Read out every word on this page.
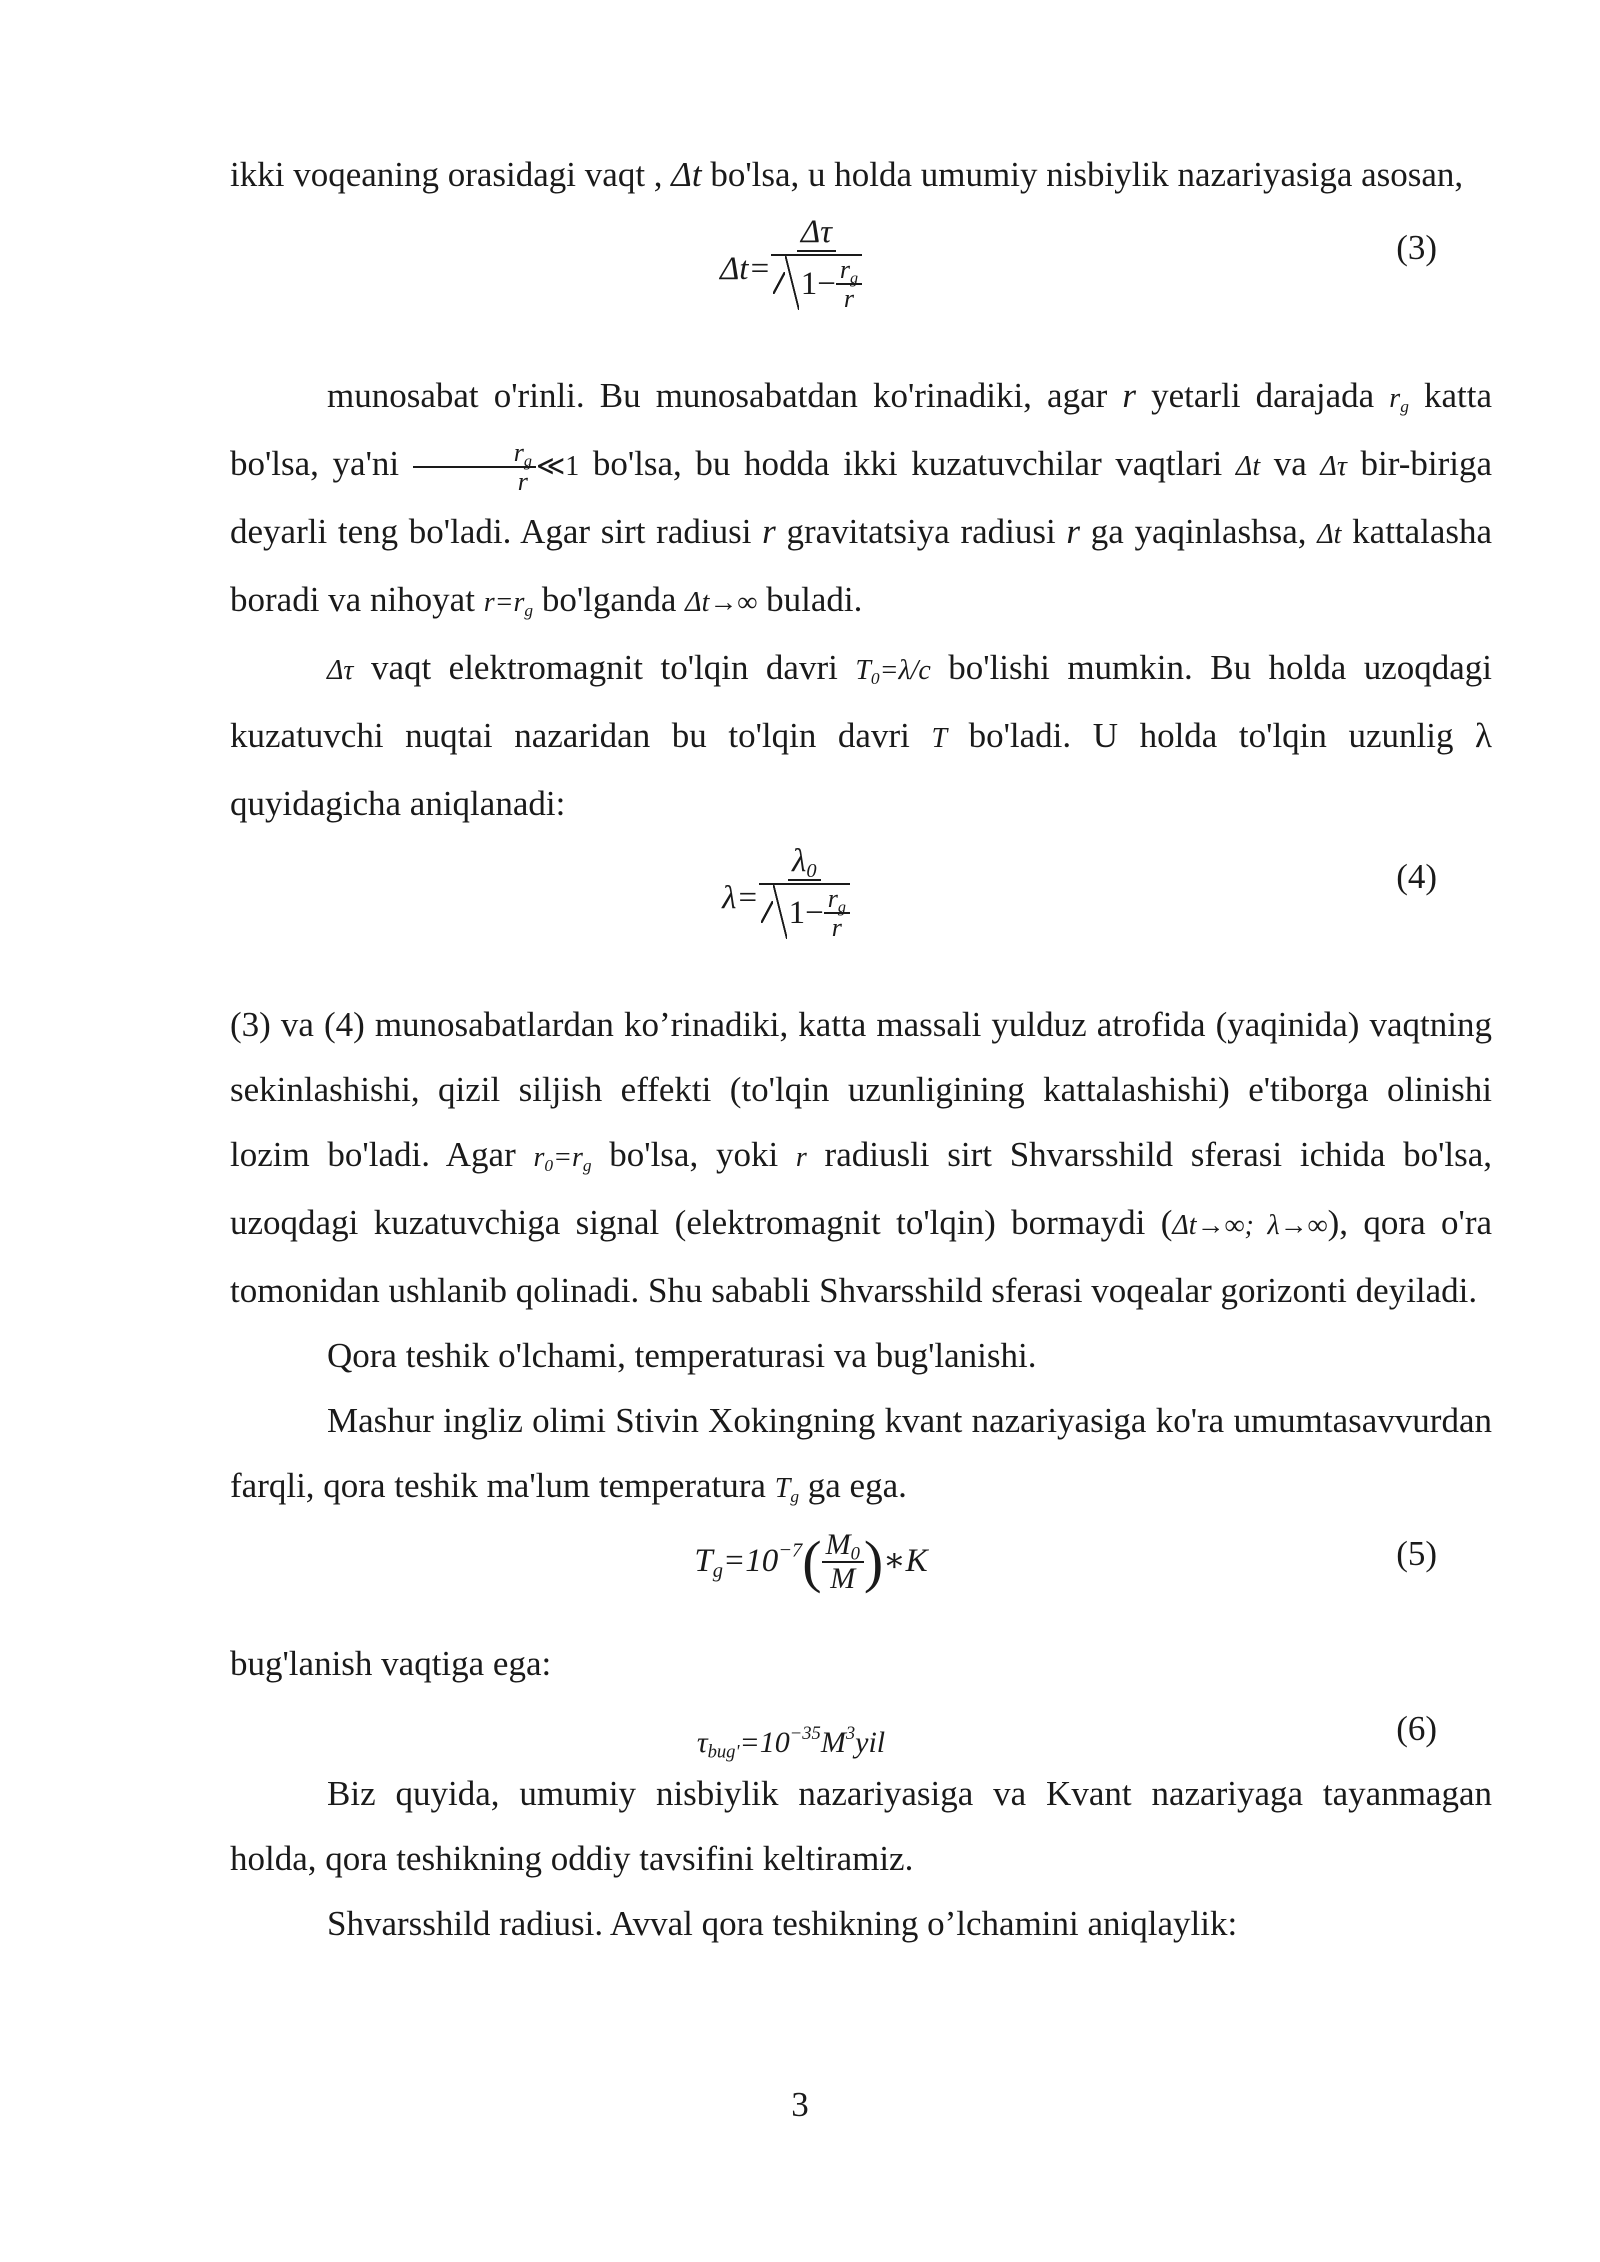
ikki voqeaning orasidagi vaqt , Δt bo'lsa, u holda umumiy nisbiylik nazariyasiga asosan,

$\Delta t= \frac{\Delta\tau}{1- \frac{r_g}{r}}$	(3)

munosabat o'rinli. Bu munosabatdan ko'rinadiki, agar r yetarli darajada $r_g$ katta bo'lsa, $ya'ni \frac{r_g}{r}$ ≪1 bo'lsa, bu hodda ikki kuzatuvchilar vaqtlari Δt va Δτ bir-biriga deyarli teng bo'ladi. Agar sirt radiusi r gravitatsiya radiusi r ga yaqinlashsa, Δt kattalasha boradi va nihoyat $r=r_g$ bo'lganda Δt→∞ buladi.

Δτ vaqt elektromagnit to'lqin davri $T_0=\lambda/c$ bo'lishi mumkin. Bu holda uzoqdagi kuzatuvchi nuqtai nazaridan bu to'lqin davri T bo'ladi. U holda to'lqin uzunlig λ quyidagicha aniqlanadi:

$\lambda= \frac{\lambda_0}{1- \frac{r_g}{r}}$	(4)

(3) va (4) munosabatlardan ko’rinadiki, katta massali yulduz atrofida (yaqinida) vaqtning sekinlashishi, qizil siljish effekti (to'lqin uzunligining kattalashishi) e'tiborga olinishi lozim bo'ladi. Agar $r_0=r_g$ bo'lsa, yoki r radiusli sirt Shvarsshild sferasi ichida bo'lsa, uzoqdagi kuzatuvchiga signal (elektromagnit to'lqin) bormaydi (Δt→∞; λ→∞), qora o'ra tomonidan ushlanib qolinadi. Shu sababli Shvarsshild sferasi voqealar gorizonti deyiladi.

Qora teshik o'lchami, temperaturasi va bug'lanishi.

Mashur ingliz olimi Stivin Xokingning kvant nazariyasiga ko'ra umumtasavvurdan farqli, qora teshik ma'lum temperatura $T_g$ ga ega.

$T_g=10^{-7}$ ( $\frac{M_0}{M}$ ) ∗K	(5)

bug'lanish vaqtiga ega:

$\tau_{bug'}=10^{-35}M^3yil$	(6)

Biz quyida, umumiy nisbiylik nazariyasiga va Kvant nazariyaga tayanmagan holda, qora teshikning oddiy tavsifini keltiramiz.

Shvarsshild radiusi. Avval qora teshikning o’lchamini aniqlaylik:

3
